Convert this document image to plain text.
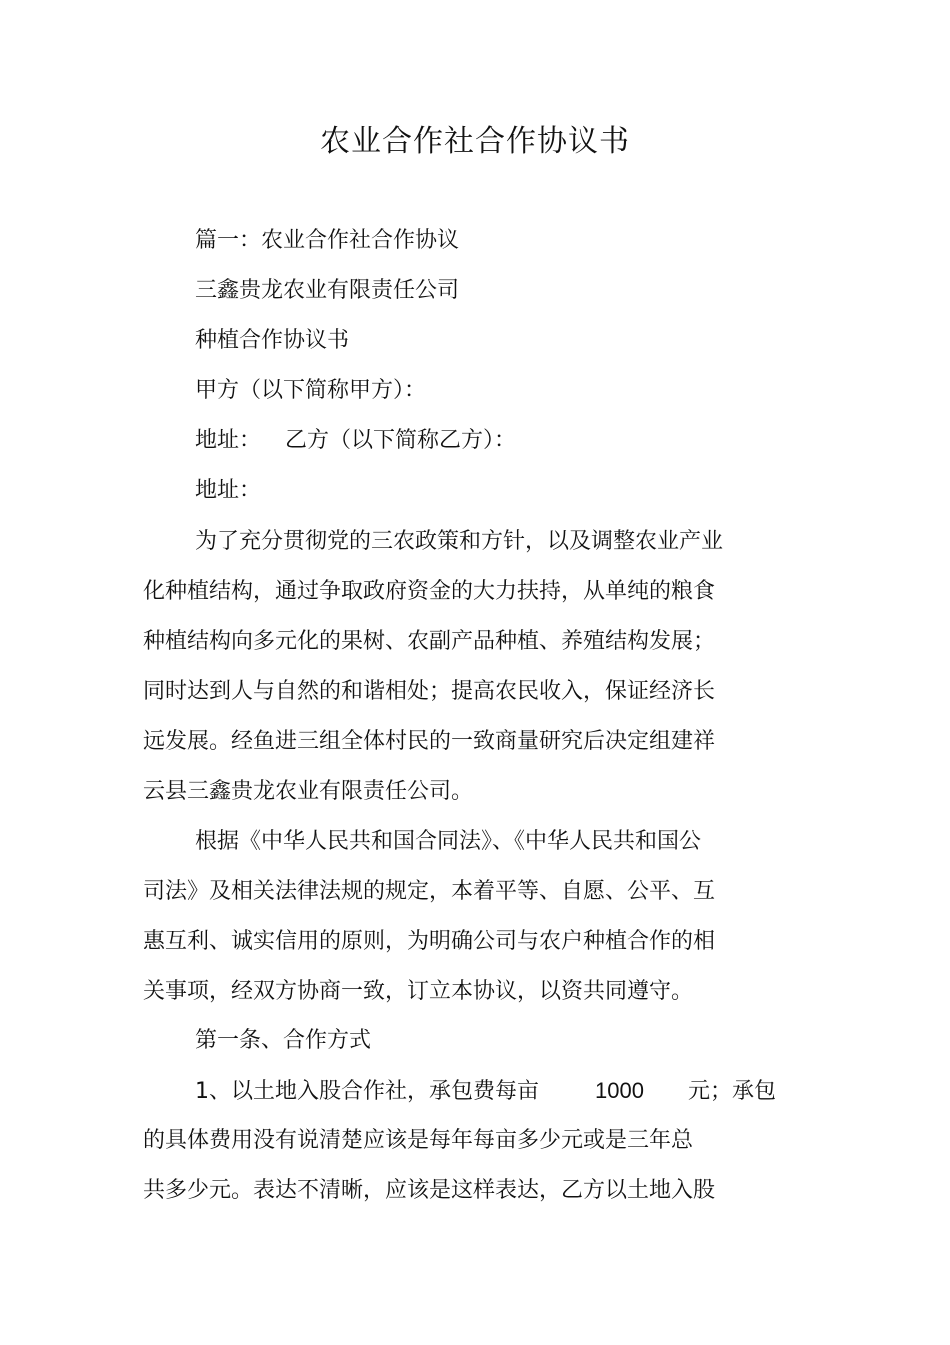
农业合作社合作协议书
篇一：农业合作社合作协议
三鑫贵龙农业有限责任公司
种植合作协议书
甲方（以下简称甲方）：
地址： 乙方（以下简称乙方）：
地址：
为了充分贯彻党的三农政策和方针，以及调整农业产业
化种植结构，通过争取政府资金的大力扶持，从单纯的粮食
种植结构向多元化的果树、农副产品种植、养殖结构发展；
同时达到人与自然的和谐相处；提高农民收入，保证经济长
远发展。经鱼进三组全体村民的一致商量研究后决定组建祥
云县三鑫贵龙农业有限责任公司。
根据《中华人民共和国合同法》、《中华人民共和国公
司法》及相关法律法规的规定，本着平等、自愿、公平、互
惠互利、诚实信用的原则，为明确公司与农户种植合作的相
关事项，经双方协商一致，订立本协议，以资共同遵守。
第一条、合作方式
1、以土地入股合作社，承包费每亩	1000 元；承包
的具体费用没有说清楚应该是每年每亩多少元或是三年总
共多少元。表达不清晰，应该是这样表达，乙方以土地入股
